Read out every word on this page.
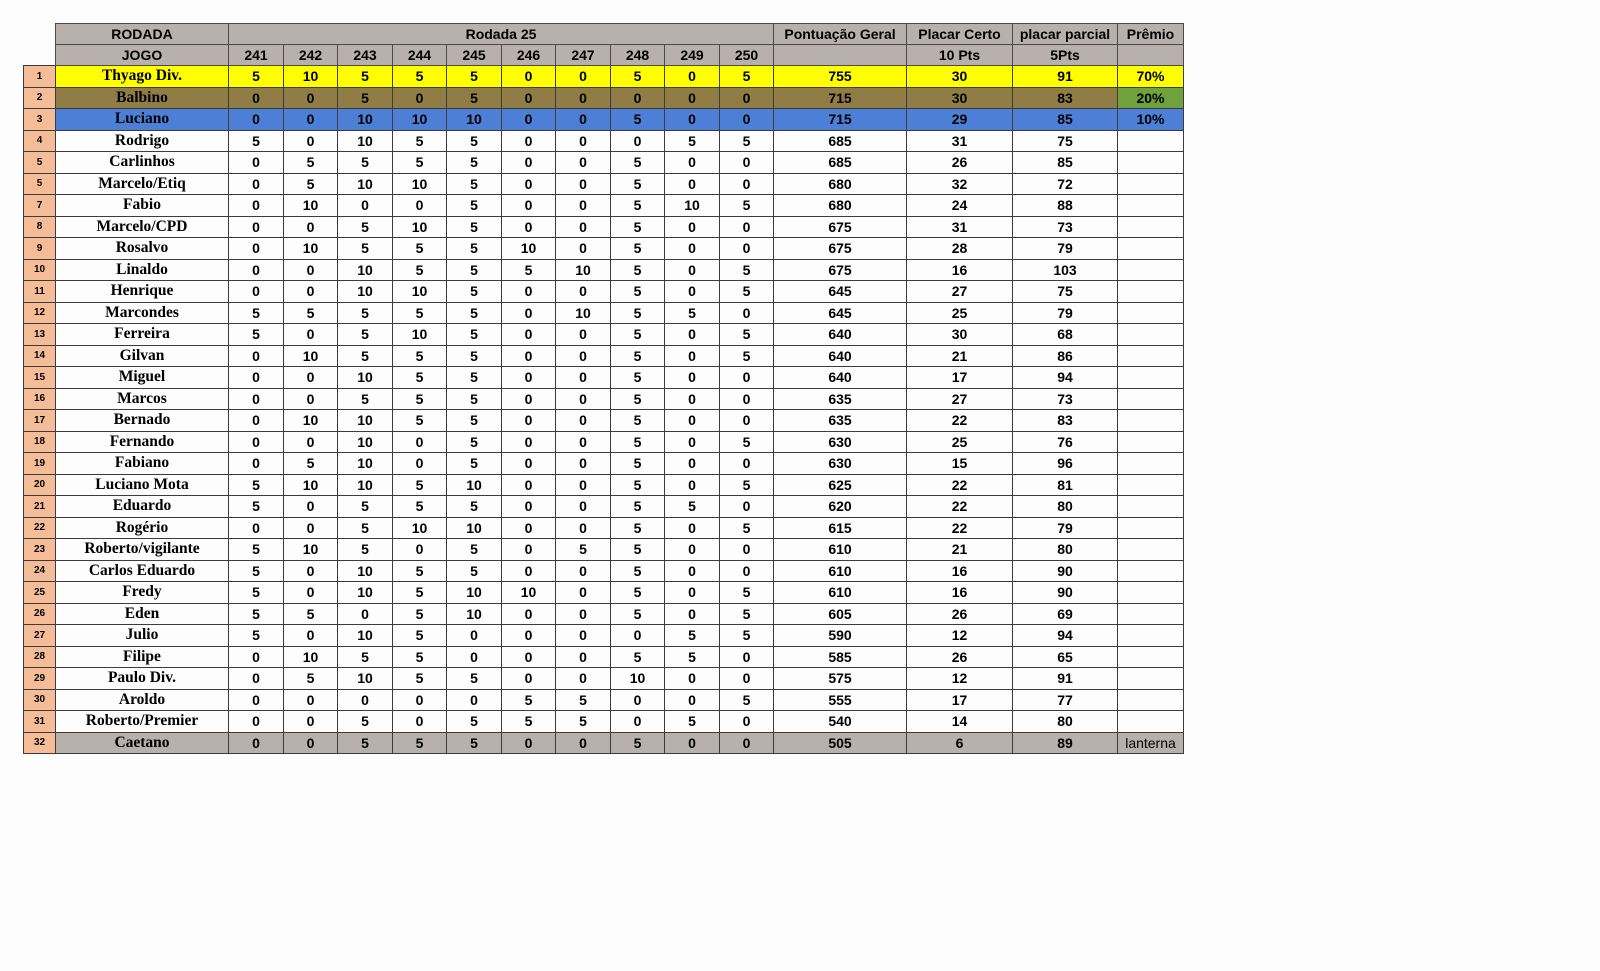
	RODADA	Rodada 25										Pontuação Geral	Placar Certo	placar parcial	Prêmio
	JOGO	241	242	243	244	245	246	247	248	249	250		10 Pts	5Pts	
1	Thyago Div.	5	10	5	5	5	0	0	5	0	5	755	30	91	70%
2	Balbino	0	0	5	0	5	0	0	0	0	0	715	30	83	20%
3	Luciano	0	0	10	10	10	0	0	5	0	0	715	29	85	10%
4	Rodrigo	5	0	10	5	5	0	0	0	5	5	685	31	75	
5	Carlinhos	0	5	5	5	5	0	0	5	0	0	685	26	85	
5	Marcelo/Etiq	0	5	10	10	5	0	0	5	0	0	680	32	72	
7	Fabio	0	10	0	0	5	0	0	5	10	5	680	24	88	
8	Marcelo/CPD	0	0	5	10	5	0	0	5	0	0	675	31	73	
9	Rosalvo	0	10	5	5	5	10	0	5	0	0	675	28	79	
10	Linaldo	0	0	10	5	5	5	10	5	0	5	675	16	103	
11	Henrique	0	0	10	10	5	0	0	5	0	5	645	27	75	
12	Marcondes	5	5	5	5	5	0	10	5	5	0	645	25	79	
13	Ferreira	5	0	5	10	5	0	0	5	0	5	640	30	68	
14	Gilvan	0	10	5	5	5	0	0	5	0	5	640	21	86	
15	Miguel	0	0	10	5	5	0	0	5	0	0	640	17	94	
16	Marcos	0	0	5	5	5	0	0	5	0	0	635	27	73	
17	Bernado	0	10	10	5	5	0	0	5	0	0	635	22	83	
18	Fernando	0	0	10	0	5	0	0	5	0	5	630	25	76	
19	Fabiano	0	5	10	0	5	0	0	5	0	0	630	15	96	
20	Luciano Mota	5	10	10	5	10	0	0	5	0	5	625	22	81	
21	Eduardo	5	0	5	5	5	0	0	5	5	0	620	22	80	
22	Rogério	0	0	5	10	10	0	0	5	0	5	615	22	79	
23	Roberto/vigilante	5	10	5	0	5	0	5	5	0	0	610	21	80	
24	Carlos Eduardo	5	0	10	5	5	0	0	5	0	0	610	16	90	
25	Fredy	5	0	10	5	10	10	0	5	0	5	610	16	90	
26	Eden	5	5	0	5	10	0	0	5	0	5	605	26	69	
27	Julio	5	0	10	5	0	0	0	0	5	5	590	12	94	
28	Filipe	0	10	5	5	0	0	0	5	5	0	585	26	65	
29	Paulo Div.	0	5	10	5	5	0	0	10	0	0	575	12	91	
30	Aroldo	0	0	0	0	0	5	5	0	0	5	555	17	77	
31	Roberto/Premier	0	0	5	0	5	5	5	0	5	0	540	14	80	
32	Caetano	0	0	5	5	5	0	0	5	0	0	505	6	89	lanterna
